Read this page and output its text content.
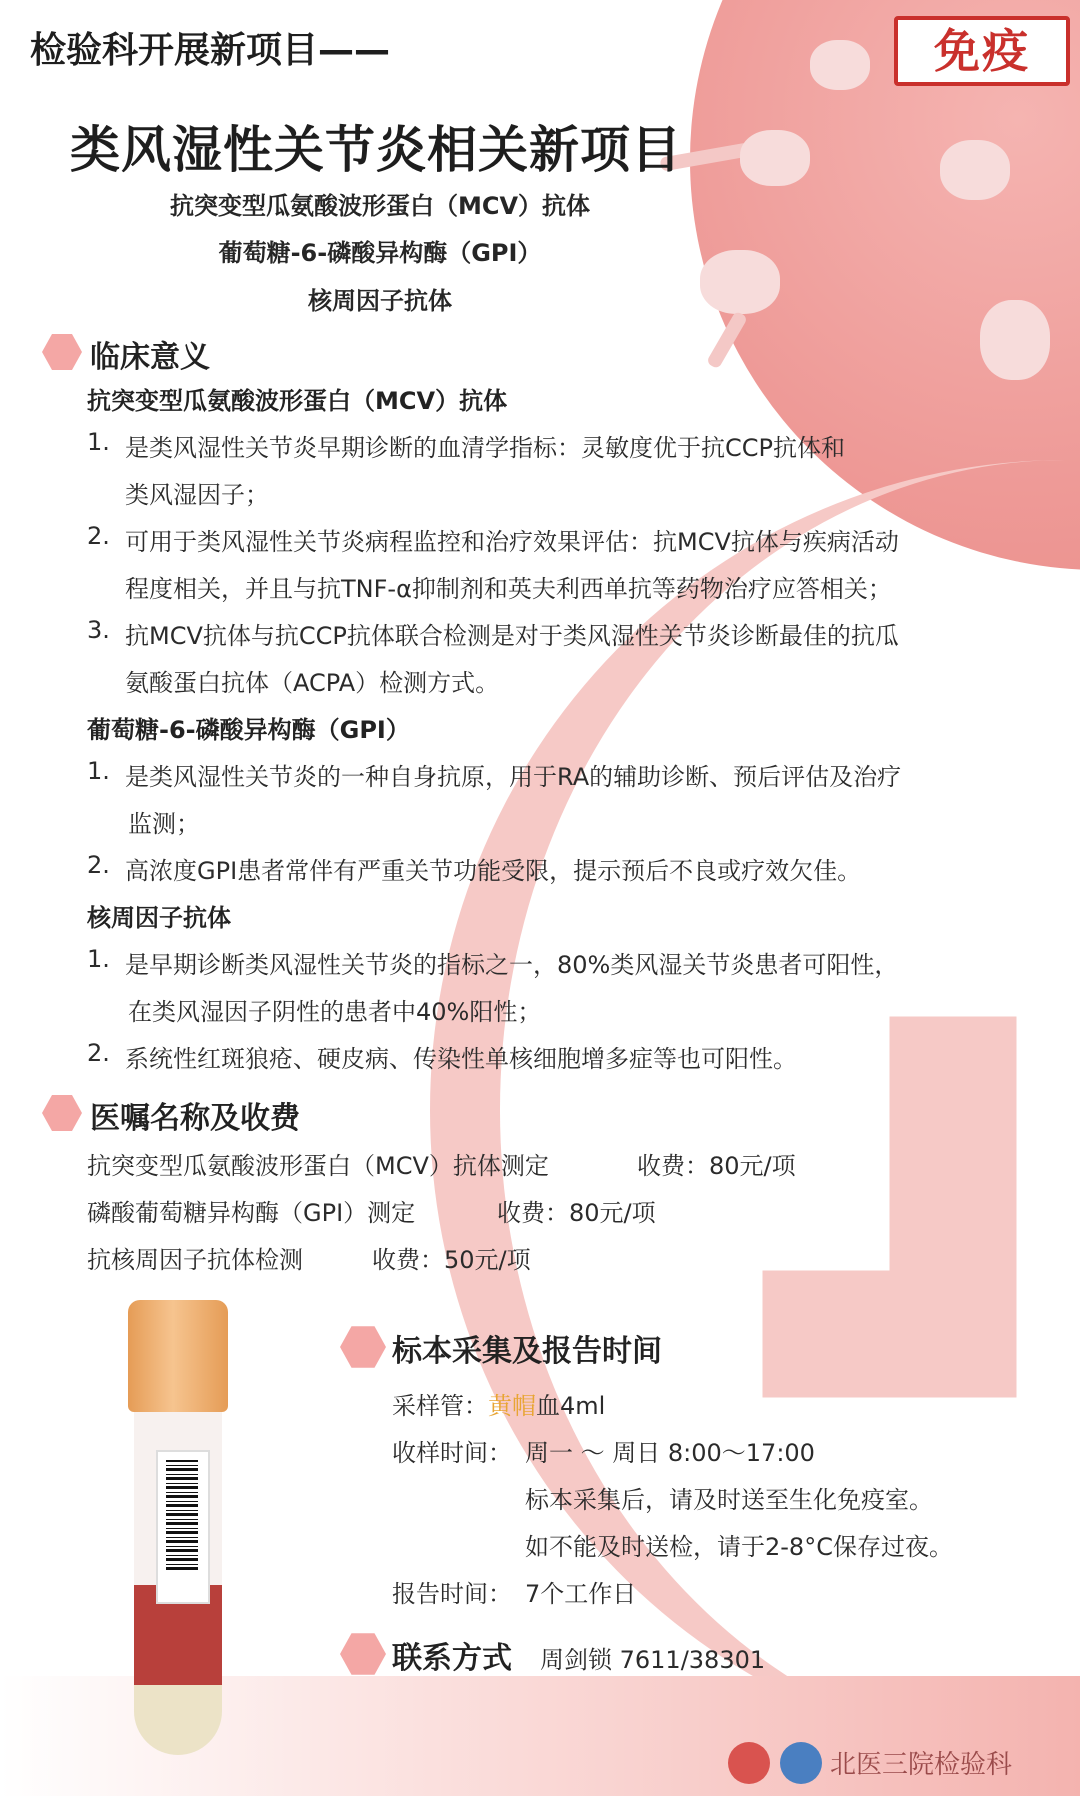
免疫
检验科开展新项目——
类风湿性关节炎相关新项目
抗突变型瓜氨酸波形蛋白（MCV）抗体
葡萄糖-6-磷酸异构酶（GPI）
核周因子抗体
临床意义
抗突变型瓜氨酸波形蛋白（MCV）抗体
1. 是类风湿性关节炎早期诊断的血清学指标：灵敏度优于抗CCP抗体和
类风湿因子；
2. 可用于类风湿性关节炎病程监控和治疗效果评估：抗MCV抗体与疾病活动
程度相关，并且与抗TNF-α抑制剂和英夫利西单抗等药物治疗应答相关；
3. 抗MCV抗体与抗CCP抗体联合检测是对于类风湿性关节炎诊断最佳的抗瓜
氨酸蛋白抗体（ACPA）检测方式。
葡萄糖-6-磷酸异构酶（GPI）
1. 是类风湿性关节炎的一种自身抗原，用于RA的辅助诊断、预后评估及治疗
监测；
2. 高浓度GPI患者常伴有严重关节功能受限，提示预后不良或疗效欠佳。
核周因子抗体
1. 是早期诊断类风湿性关节炎的指标之一，80%类风湿关节炎患者可阳性，
在类风湿因子阴性的患者中40%阳性；
2. 系统性红斑狼疮、硬皮病、传染性单核细胞增多症等也可阳性。
医嘱名称及收费
抗突变型瓜氨酸波形蛋白（MCV）抗体测定	收费：80元/项
磷酸葡萄糖异构酶（GPI）测定	收费：80元/项
抗核周因子抗体检测	收费：50元/项
标本采集及报告时间
采样管：黄帽血4ml
收样时间： 周一 ～ 周日 8:00～17:00
标本采集后，请及时送至生化免疫室。
如不能及时送检，请于2-8°C保存过夜。
报告时间： 7个工作日
联系方式 周剑锁 7611/38301
北医三院检验科
